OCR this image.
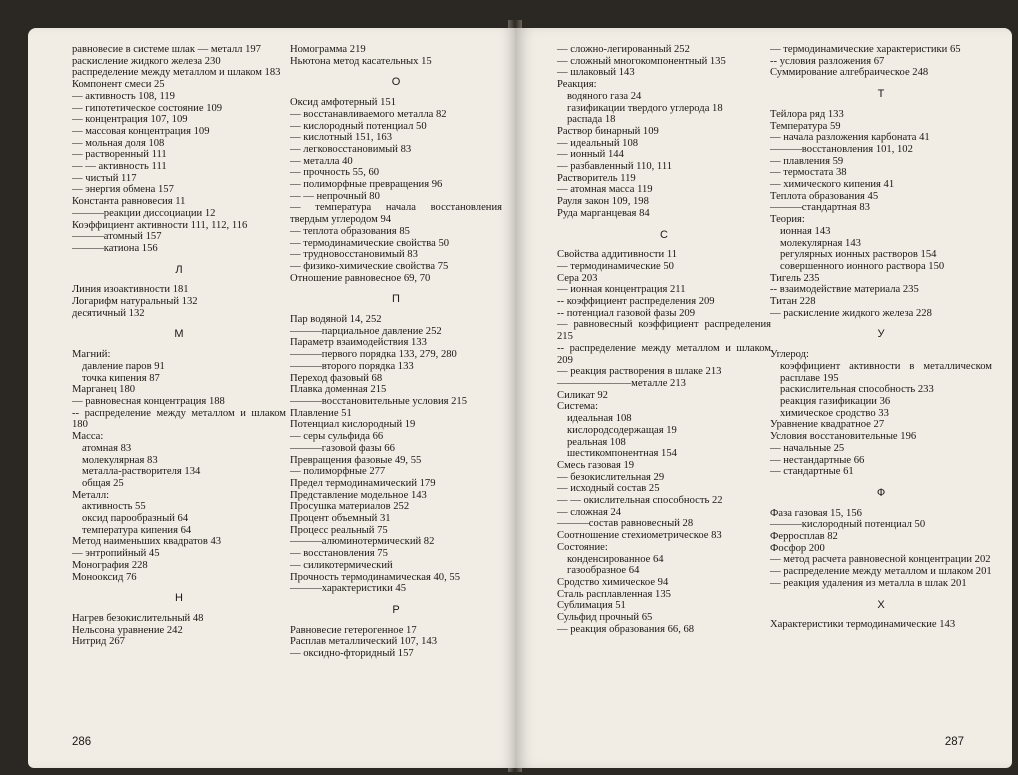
равновесие в системе шлак — металл 197
раскисление жидкого железа 230
распределение между металлом и шлаком 183
Компонент смеси 25
— активность 108, 119
— гипотетическое состояние 109
— концентрация 107, 109
— массовая концентрация 109
— мольная доля 108
— растворенный 111
— — активность 111
— чистый 117
— энергия обмена 157
Константа равновесия 11
———реакции диссоциации 12
Коэффициент активности 111, 112, 116
———атомный 157
———катиона 156
Л
Линия изоактивности 181
Логарифм натуральный 132
десятичный 132
М
Магний:
давление паров 91
точка кипения 87
Марганец 180
— равновесная концентрация 188
-- распределение между металлом и шлаком 180
Масса:
атомная 83
молекулярная 83
металла-растворителя 134
общая 25
Металл:
активность 55
оксид парообразный 64
температура кипения 64
Метод наименьших квадратов 43
— энтропийный 45
Монография 228
Монооксид 76
Н
Нагрев безокислительный 48
Нельсона уравнение 242
Нитрид 267
Номограмма 219
Ньютона метод касательных 15
О
Оксид амфотерный 151
— восстанавливаемого металла 82
— кислородный потенциал 50
— кислотный 151, 163
— легковосстановимый 83
— металла 40
— прочность 55, 60
— полиморфные превращения 96
— — непрочный 80
— температура начала восстановления твердым углеродом 94
— теплота образования 85
— термодинамические свойства 50
— трудновосстановимый 83
— физико-химические свойства 75
Отношение равновесное 69, 70
П
Пар водяной 14, 252
———парциальное давление 252
Параметр взаимодействия 133
———первого порядка 133, 279, 280
———второго порядка 133
Переход фазовый 68
Плавка доменная 215
———восстановительные условия 215
Плавление 51
Потенциал кислородный 19
— серы сульфида 66
———газовой фазы 66
Превращения фазовые 49, 55
— полиморфные 277
Предел термодинамический 179
Представление модельное 143
Просушка материалов 252
Процент объемный 31
Процесс реальный 75
———алюминотермический 82
— восстановления 75
— силикотермический
Прочность термодинамическая 40, 55
———характеристики 45
Р
Равновесие гетерогенное 17
Расплав металлический 107, 143
— оксидно-фторидный 157
286
— сложно-легированный 252
— сложный многокомпонентный 135
— шлаковый 143
Реакция:
водяного газа 24
газификации твердого углерода 18
распада 18
Раствор бинарный 109
— идеальный 108
— ионный 144
— разбавленный 110, 111
Растворитель 119
— атомная масса 119
Рауля закон 109, 198
Руда марганцевая 84
С
Свойства аддитивности 11
— термодинамические 50
Сера 203
— ионная концентрация 211
-- коэффициент распределения 209
-- потенциал газовой фазы 209
— равновесный коэффициент распределения 215
-- распределение между металлом и шлаком 209
— реакция растворения в шлаке 213
———————металле 213
Силикат 92
Система:
идеальная 108
кислородсодержащая 19
реальная 108
шестикомпонентная 154
Смесь газовая 19
— безокислительная 29
— исходный состав 25
— — окислительная способность 22
— сложная 24
———состав равновесный 28
Соотношение стехиометрическое 83
Состояние:
конденсированное 64
газообразное 64
Сродство химическое 94
Сталь расплавленная 135
Сублимация 51
Сульфид прочный 65
— реакция образования 66, 68
— термодинамические характеристики 65
-- условия разложения 67
Суммирование алгебраическое 248
Т
Тейлора ряд 133
Температура 59
— начала разложения карбоната 41
———восстановления 101, 102
— плавления 59
— термостата 38
— химического кипения 41
Теплота образования 45
———стандартная 83
Теория:
ионная 143
молекулярная 143
регулярных ионных растворов 154
совершенного ионного раствора 150
Тигель 235
-- взаимодействие материала 235
Титан 228
— раскисление жидкого железа 228
У
Углерод:
коэффициент активности в металлическом расплаве 195
раскислительная способность 233
реакция газификации 36
химическое сродство 33
Уравнение квадратное 27
Условия восстановительные 196
— начальные 25
— нестандартные 66
— стандартные 61
Ф
Фаза газовая 15, 156
———кислородный потенциал 50
Ферросплав 82
Фосфор 200
— метод расчета равновесной концентрации 202
— распределение между металлом и шлаком 201
— реакция удаления из металла в шлак 201
Х
Характеристики термодинамические 143
287
